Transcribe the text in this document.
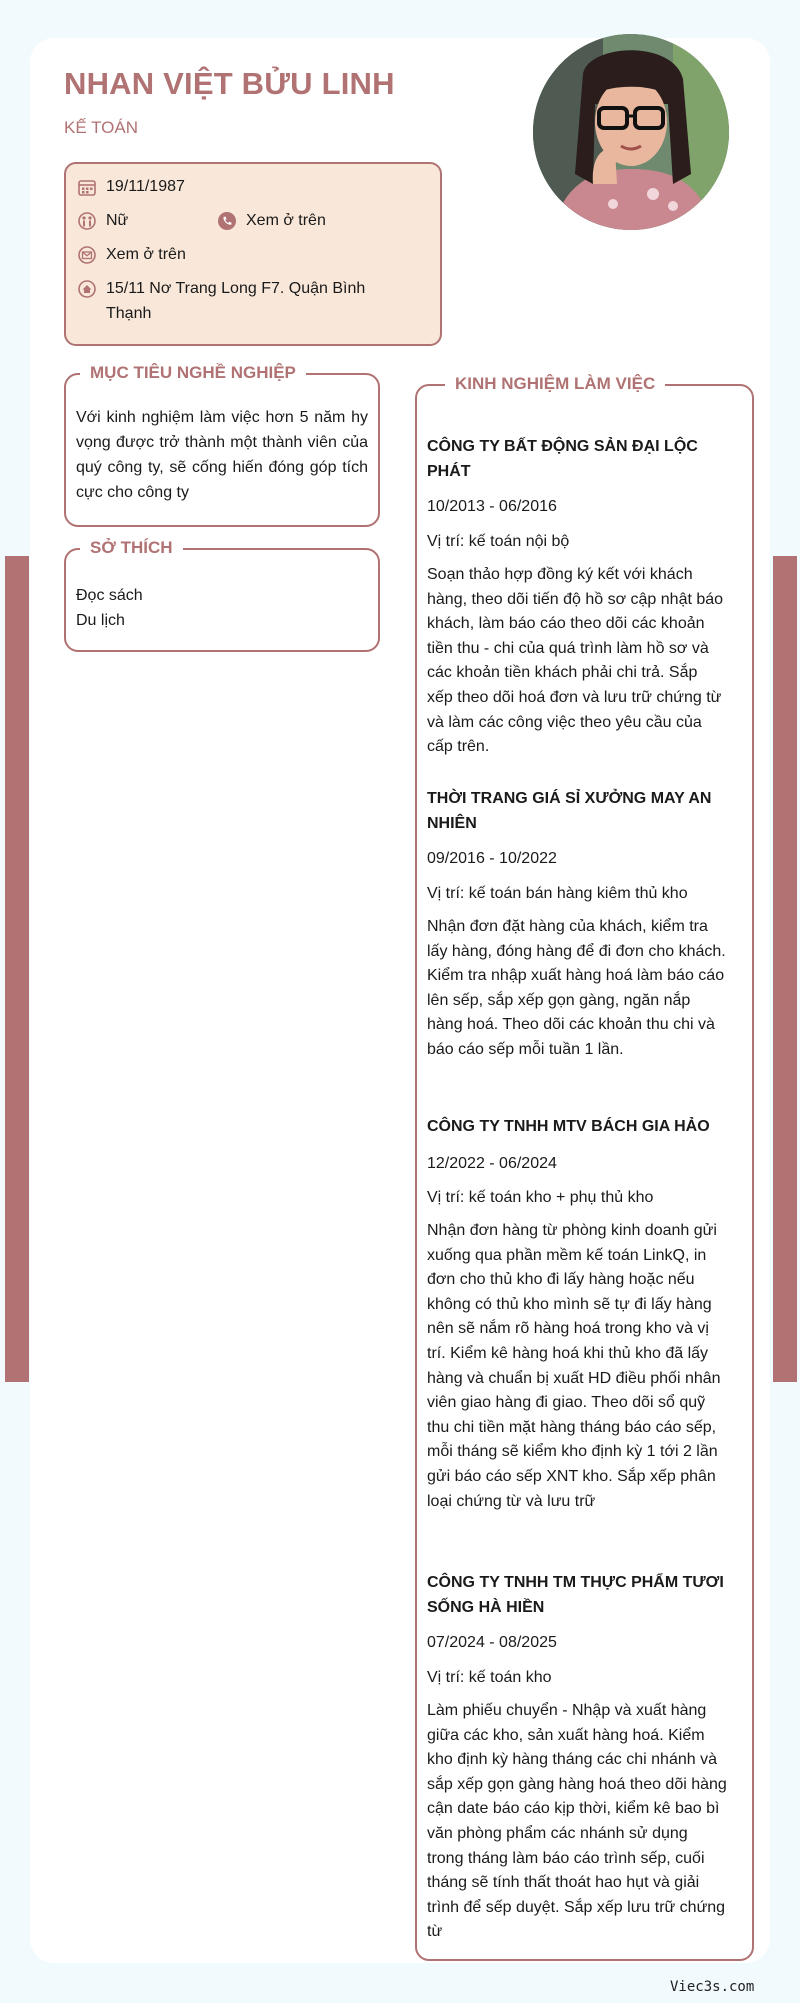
NHAN VIỆT BỬU LINH
KẾ TOÁN
19/11/1987
Nữ	Xem ở trên
Xem ở trên
15/11 Nơ Trang Long F7. Quận Bình Thạnh
MỤC TIÊU NGHỀ NGHIỆP

Với kinh nghiệm làm việc hơn 5 năm hy vọng được trở thành một thành viên của quý công ty, sẽ cống hiến đóng góp tích cực cho công ty

SỞ THÍCH
Đọc sách
Du lịch
KINH NGHIỆM LÀM VIỆC

CÔNG TY BẤT ĐỘNG SẢN ĐẠI LỘC PHÁT

10/2013 - 06/2016

Vị trí: kế toán nội bộ

Soạn thảo hợp đồng ký kết với khách hàng, theo dõi tiến độ hồ sơ cập nhật báo khách, làm báo cáo theo dõi các khoản tiền thu - chi của quá trình làm hồ sơ và các khoản tiền khách phải chi trả. Sắp xếp theo dõi hoá đơn và lưu trữ chứng từ và làm các công việc theo yêu cầu của cấp trên.

THỜI TRANG GIÁ SỈ XƯỞNG MAY AN NHIÊN

09/2016 - 10/2022

Vị trí: kế toán bán hàng kiêm thủ kho

Nhận đơn đặt hàng của khách, kiểm tra lấy hàng, đóng hàng để đi đơn cho khách. Kiểm tra nhập xuất hàng hoá làm báo cáo lên sếp, sắp xếp gọn gàng, ngăn nắp hàng hoá. Theo dõi các khoản thu chi và báo cáo sếp mỗi tuần 1 lần.

CÔNG TY TNHH MTV BÁCH GIA HẢO

12/2022 - 06/2024

Vị trí: kế toán kho + phụ thủ kho

Nhận đơn hàng từ phòng kinh doanh gửi xuống qua phần mềm kế toán LinkQ, in đơn cho thủ kho đi lấy hàng hoặc nếu không có thủ kho mình sẽ tự đi lấy hàng nên sẽ nắm rõ hàng hoá trong kho và vị trí. Kiểm kê hàng hoá khi thủ kho đã lấy hàng và chuẩn bị xuất HD điều phối nhân viên giao hàng đi giao. Theo dõi sổ quỹ thu chi tiền mặt hàng tháng báo cáo sếp, mỗi tháng sẽ kiểm kho định kỳ 1 tới 2 lần gửi báo cáo sếp XNT kho. Sắp xếp phân loại chứng từ và lưu trữ

CÔNG TY TNHH TM THỰC PHẨM TƯƠI SỐNG HÀ HIỀN

07/2024 - 08/2025

Vị trí: kế toán kho

Làm phiếu chuyển - Nhập và xuất hàng giữa các kho, sản xuất hàng hoá. Kiểm kho định kỳ hàng tháng các chi nhánh và sắp xếp gọn gàng hàng hoá theo dõi hàng cận date báo cáo kịp thời, kiểm kê bao bì văn phòng phẩm các nhánh sử dụng trong tháng làm báo cáo trình sếp, cuối tháng sẽ tính thất thoát hao hụt và giải trình để sếp duyệt. Sắp xếp lưu trữ chứng từ

Viec3s.com
